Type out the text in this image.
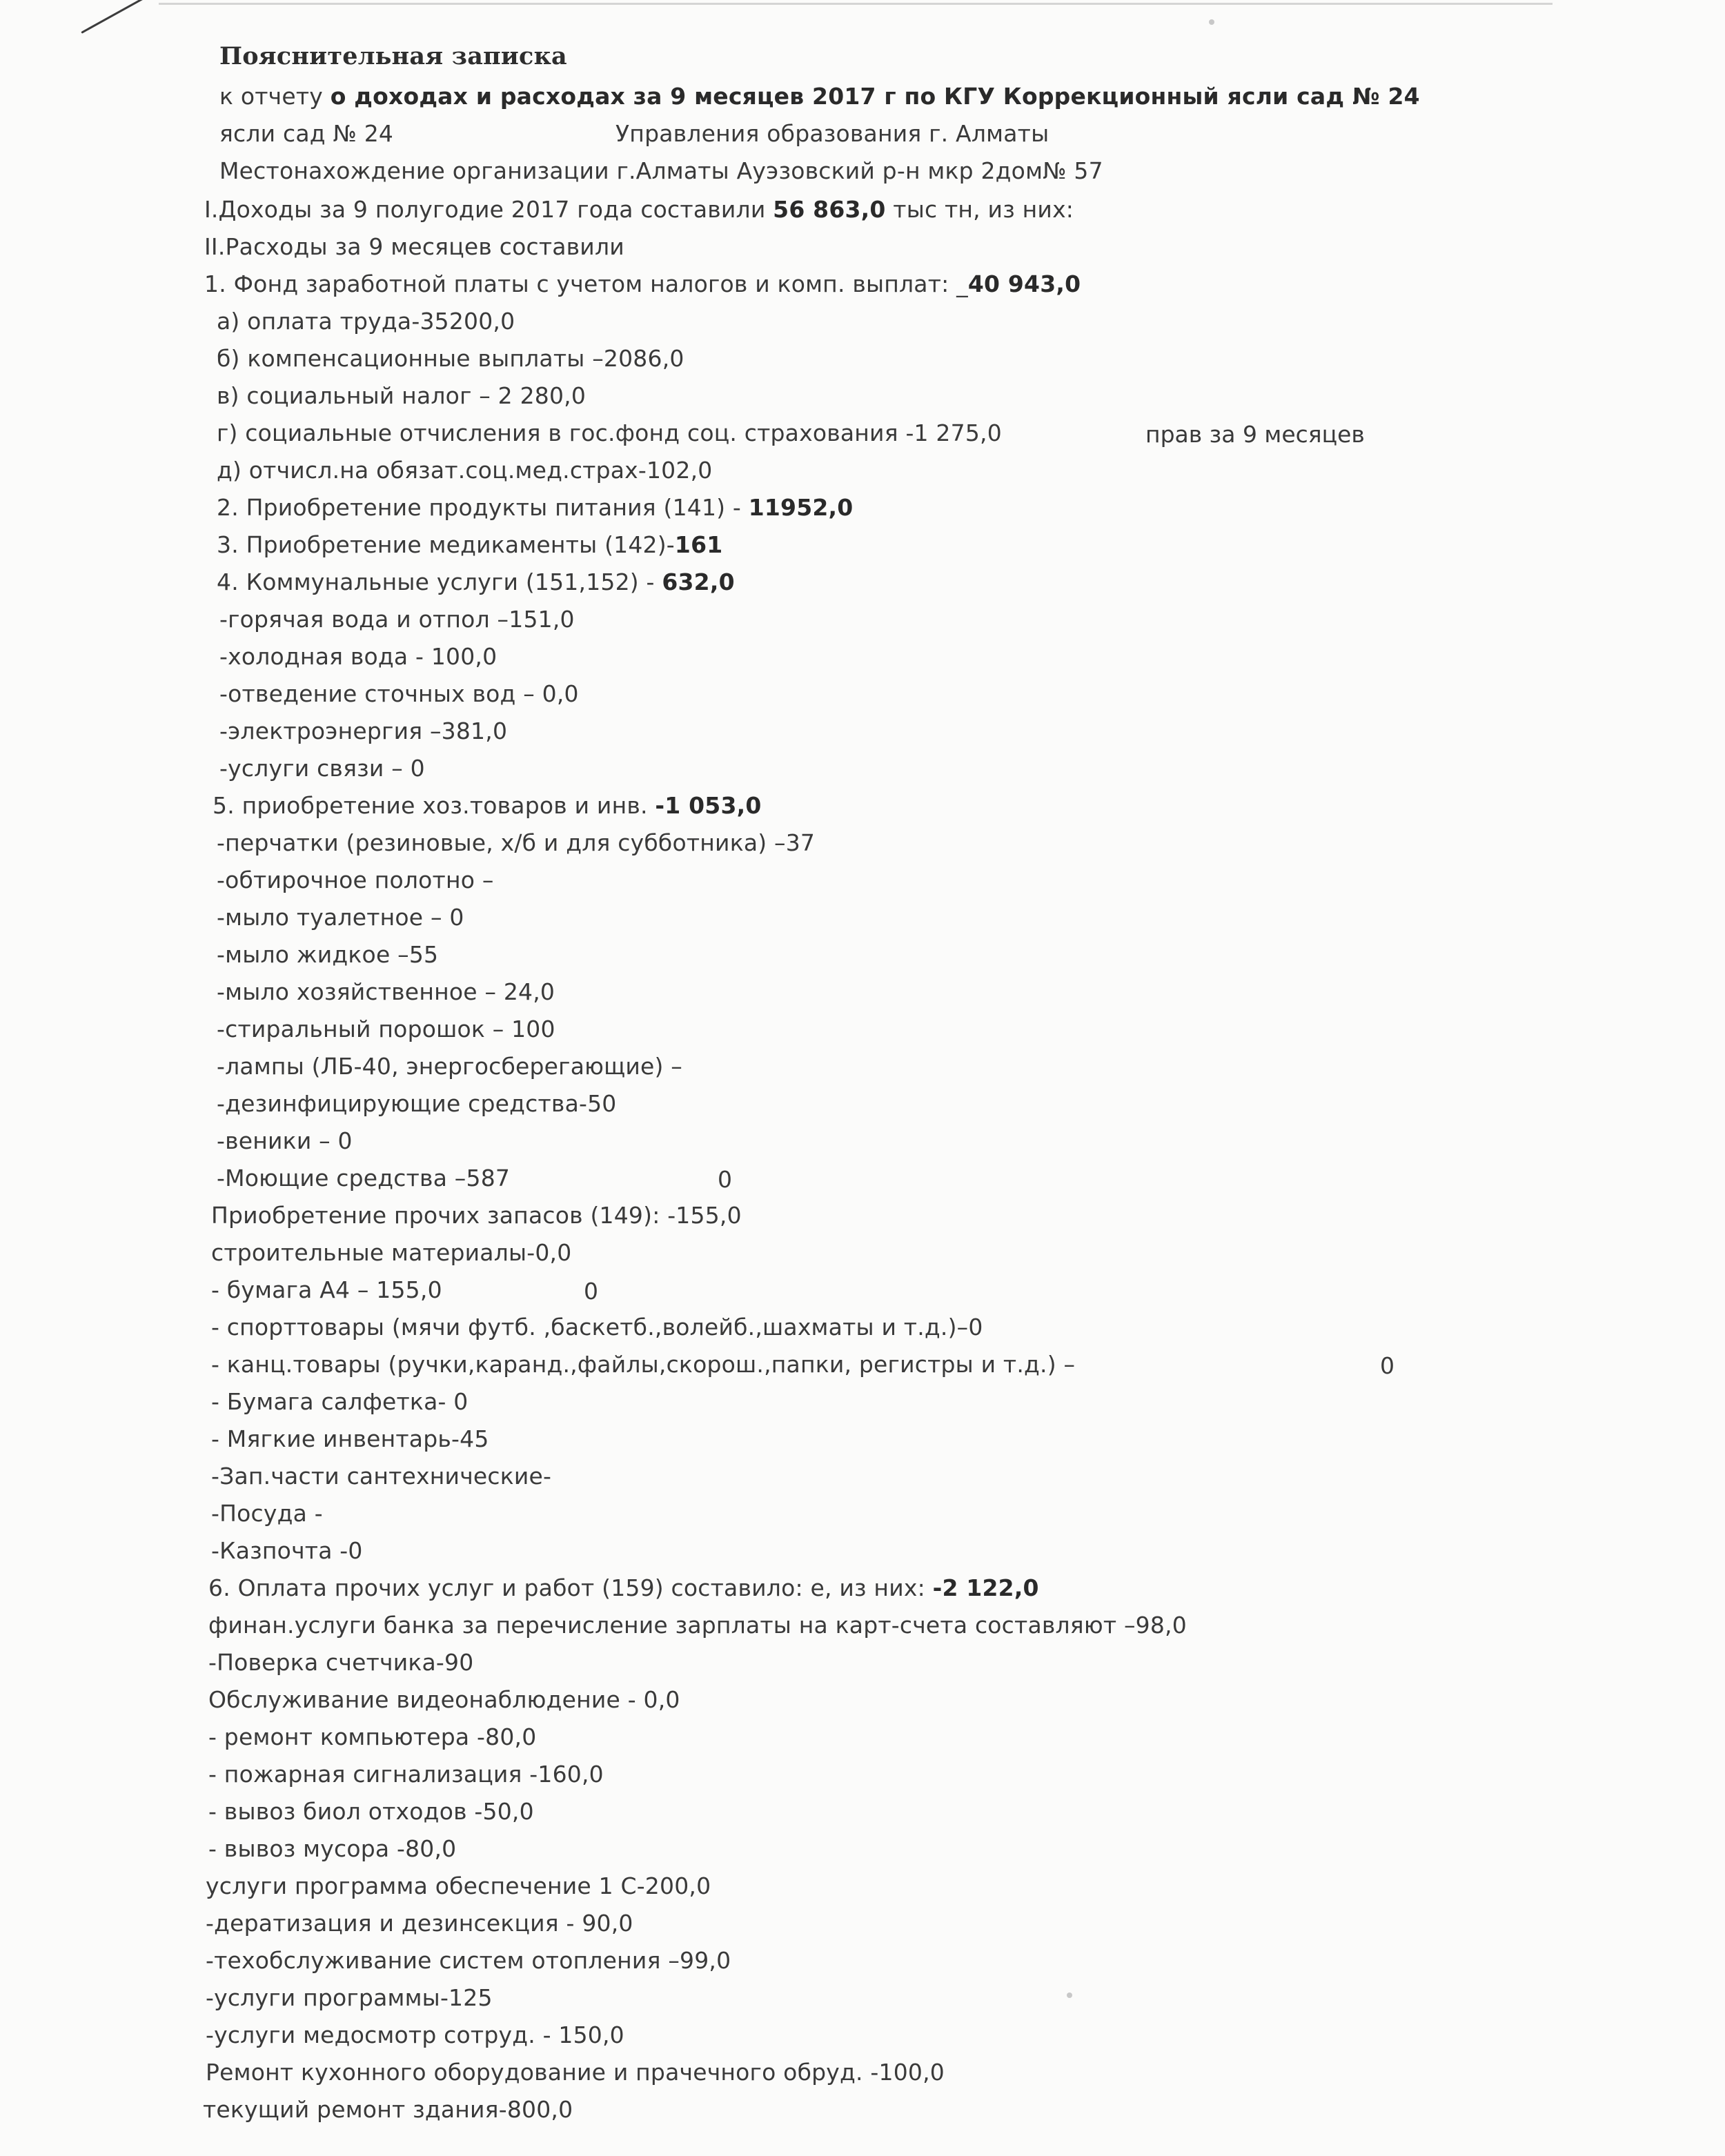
Пояснительная записка
к отчету о доходах и расходах за 9 месяцев 2017 г по КГУ Коррекционный ясли сад № 24
ясли сад № 24	Управления образования г. Алматы
Местонахождение организации г.Алматы Ауэзовский р-н мкр 2дом№ 57
I.Доходы за 9 полугодие 2017 года составили 56 863,0 тыс тн, из них:
II.Расходы за 9 месяцев составили
1. Фонд заработной платы с учетом налогов и комп. выплат: _40 943,0
а) оплата труда-35200,0
б) компенсационные выплаты –2086,0
в) социальный налог – 2 280,0
г) социальные отчисления в гос.фонд соц. страхования -1 275,0	прав за 9 месяцев
д) отчисл.на обязат.соц.мед.страх-102,0
2. Приобретение продукты питания (141) - 11952,0
3. Приобретение медикаменты (142)-161
4. Коммунальные услуги (151,152) - 632,0
-горячая вода и отпол –151,0
-холодная вода - 100,0
-отведение сточных вод – 0,0
-электроэнергия –381,0
-услуги связи – 0
5. приобретение хоз.товаров и инв. -1 053,0
-перчатки (резиновые, х/б и для субботника) –37
-обтирочное полотно –
-мыло туалетное – 0
-мыло жидкое –55
-мыло хозяйственное – 24,0
-стиральный порошок – 100
-лампы (ЛБ-40, энергосберегающие) –
-дезинфицирующие средства-50
-веники – 0
-Моющие средства –587	0
Приобретение прочих запасов (149): -155,0
строительные материалы-0,0
- бумага А4 – 155,0	0
- спорттовары (мячи футб. ,баскетб.,волейб.,шахматы и т.д.)–0
- канц.товары (ручки,каранд.,файлы,скорош.,папки, регистры и т.д.) –	0
- Бумага салфетка- 0
- Мягкие инвентарь-45
-Зап.части сантехнические-
-Посуда -
-Казпочта -0
6. Оплата прочих услуг и работ (159) составило: е, из них: -2 122,0
финан.услуги банка за перечисление зарплаты на карт-счета составляют –98,0
-Поверка счетчика-90
Обслуживание видеонаблюдение - 0,0
- ремонт компьютера -80,0
- пожарная сигнализация -160,0
- вывоз биол отходов -50,0
- вывоз мусора -80,0
услуги программа обеспечение 1 С-200,0
-дератизация и дезинсекция - 90,0
-техобслуживание систем отопления –99,0
-услуги программы-125
-услуги медосмотр сотруд. - 150,0
Ремонт кухонного оборудование и прачечного обруд. -100,0
текущий ремонт здания-800,0
